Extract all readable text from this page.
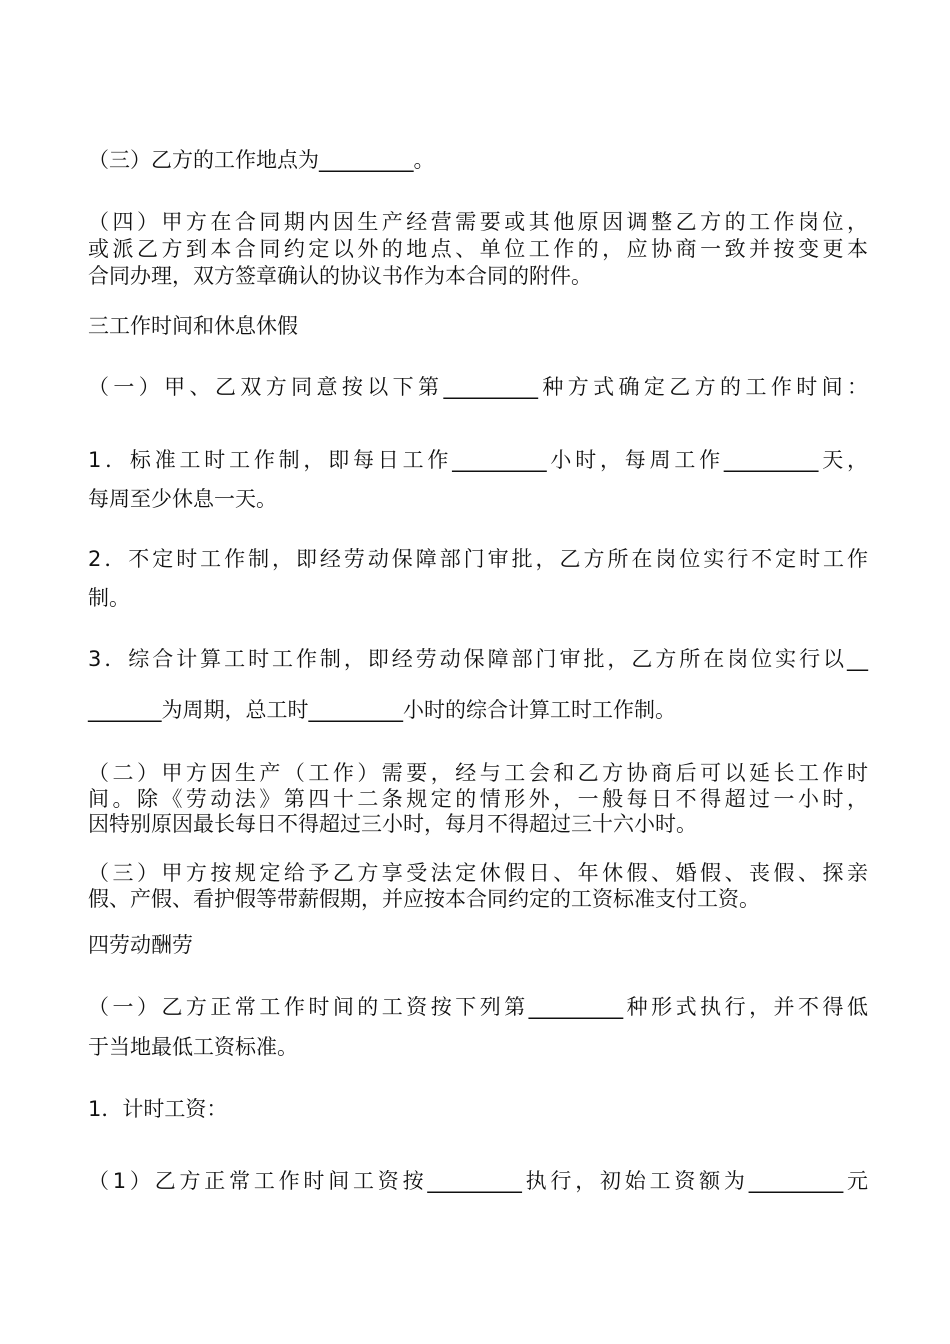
（三）乙方的工作地点为_________。
（四）甲方在合同期内因生产经营需要或其他原因调整乙方的工作岗位，
或派乙方到本合同约定以外的地点、单位工作的，应协商一致并按变更本
合同办理，双方签章确认的协议书作为本合同的附件。
三工作时间和休息休假
（一）甲、乙双方同意按以下第_________种方式确定乙方的工作时间：
1．标准工时工作制，即每日工作_________小时，每周工作_________天，
每周至少休息一天。
2．不定时工作制，即经劳动保障部门审批，乙方所在岗位实行不定时工作
制。
3．综合计算工时工作制，即经劳动保障部门审批，乙方所在岗位实行以__
_______为周期，总工时_________小时的综合计算工时工作制。
（二）甲方因生产（工作）需要，经与工会和乙方协商后可以延长工作时
间。除《劳动法》第四十二条规定的情形外，一般每日不得超过一小时，
因特别原因最长每日不得超过三小时，每月不得超过三十六小时。
（三）甲方按规定给予乙方享受法定休假日、年休假、婚假、丧假、探亲
假、产假、看护假等带薪假期，并应按本合同约定的工资标准支付工资。
四劳动酬劳
（一）乙方正常工作时间的工资按下列第_________种形式执行，并不得低
于当地最低工资标准。
1．计时工资：
（1）乙方正常工作时间工资按_________执行，初始工资额为_________元
